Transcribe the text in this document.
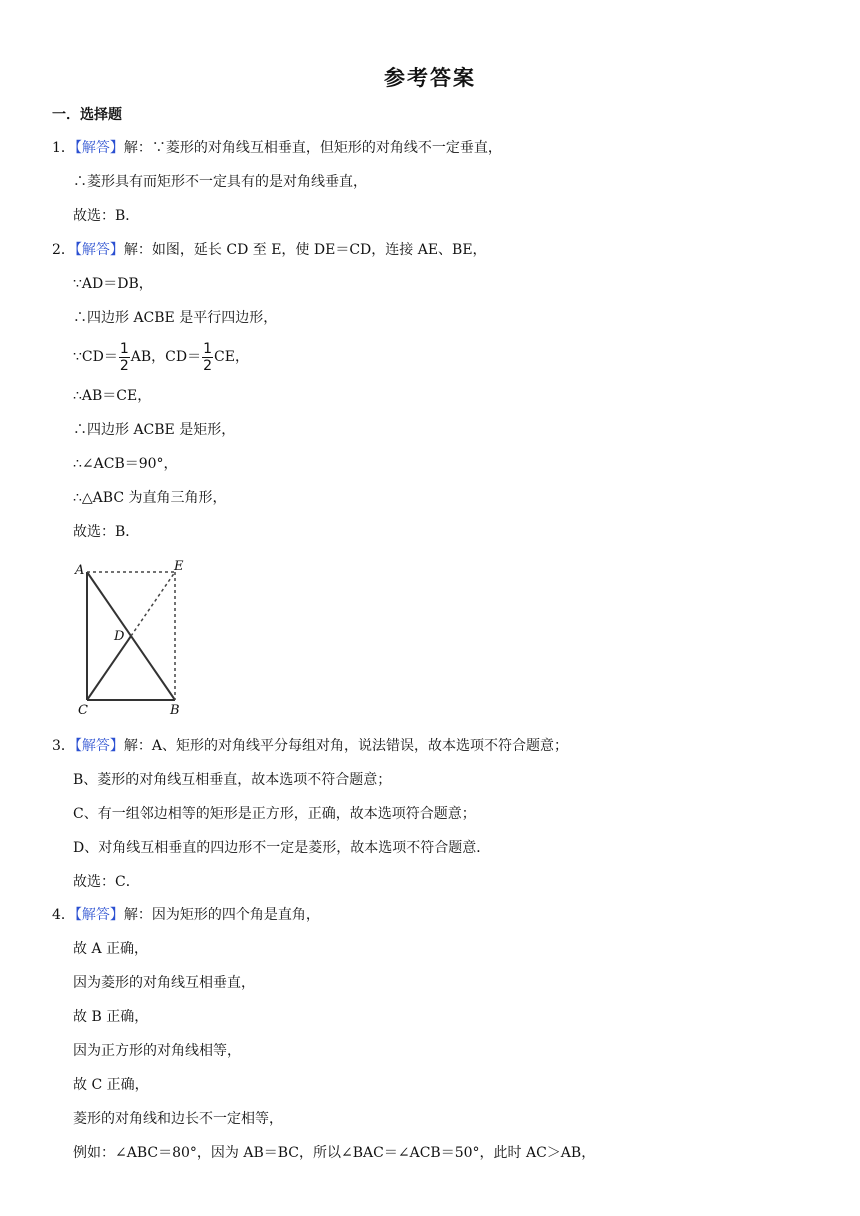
参考答案
一．选择题
1．【解答】解：∵菱形的对角线互相垂直，但矩形的对角线不一定垂直，
∴菱形具有而矩形不一定具有的是对角线垂直，
故选：B．
2．【解答】解：如图，延长 CD 至 E，使 DE＝CD，连接 AE、BE，
∵AD＝DB，
∴四边形 ACBE 是平行四边形，
∵CD＝ $\frac{1}{2}$ AB，$CD= \frac{1}{2}$ CE，
∴AB＝CE，
∴四边形 ACBE 是矩形，
∴∠ACB＝90°，
∴△ABC 为直角三角形，
故选：B．
A	E
D
C	B
3．【解答】解：A、矩形的对角线平分每组对角，说法错误，故本选项不符合题意；
B、菱形的对角线互相垂直，故本选项不符合题意；
C、有一组邻边相等的矩形是正方形，正确，故本选项符合题意；
D、对角线互相垂直的四边形不一定是菱形，故本选项不符合题意．
故选：C．
4．【解答】解：因为矩形的四个角是直角，
故 A 正确，
因为菱形的对角线互相垂直，
故 B 正确，
因为正方形的对角线相等，
故 C 正确，
菱形的对角线和边长不一定相等，
例如：∠ABC＝80°，因为 AB＝BC，所以∠BAC＝∠ACB＝50°，此时 AC＞AB，
